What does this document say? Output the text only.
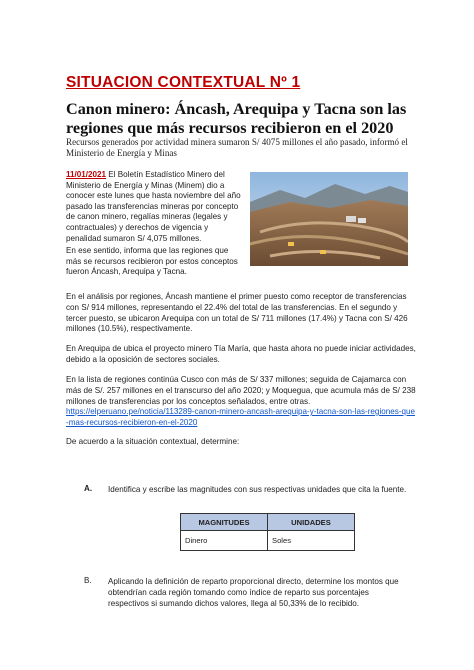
SITUACION CONTEXTUAL Nº 1
Canon minero: Áncash, Arequipa y Tacna son las regiones que más recursos recibieron en el 2020
Recursos generados por actividad minera sumaron S/ 4075 millones el año pasado, informó el Ministerio de Energía y Minas
11/01/2021 El Boletín Estadístico Minero del Ministerio de Energía y Minas (Minem) dio a conocer este lunes que hasta noviembre del año pasado las transferencias mineras por concepto de canon minero, regalías mineras (legales y contractuales) y derechos de vigencia y penalidad sumaron S/ 4,075 millones.
En ese sentido, informa que las regiones que más se recursos recibieron por estos conceptos fueron Áncash, Arequipa y Tacna.
En el análisis por regiones, Áncash mantiene el primer puesto como receptor de transferencias con S/ 914 millones, representando el 22.4% del total de las transferencias. En el segundo y tercer puesto, se ubicaron Arequipa con un total de S/ 711 millones (17.4%) y Tacna con S/ 426 millones (10.5%), respectivamente.
En Arequipa de ubica el proyecto minero Tía María, que hasta ahora no puede iniciar actividades, debido a la oposición de sectores sociales.
En la lista de regiones continúa Cusco con más de S/ 337 millones; seguida de Cajamarca con más de S/. 257 millones en el transcurso del año 2020; y Moquegua, que acumula más de S/ 238 millones de transferencias por los conceptos señalados, entre otras.
https://elperuano.pe/noticia/113289-canon-minero-ancash-arequipa-y-tacna-son-las-regiones-que-mas-recursos-recibieron-en-el-2020
De acuerdo a la situación contextual, determine:
A. Identifica y escribe las magnitudes con sus respectivas unidades que cita la fuente.
MAGNITUDES	UNIDADES
Dinero	Soles
B. Aplicando la definición de reparto proporcional directo, determine los montos que obtendrían cada región tomando como índice de reparto sus porcentajes respectivos si sumando dichos valores, llega al 50,33% de lo recibido.
